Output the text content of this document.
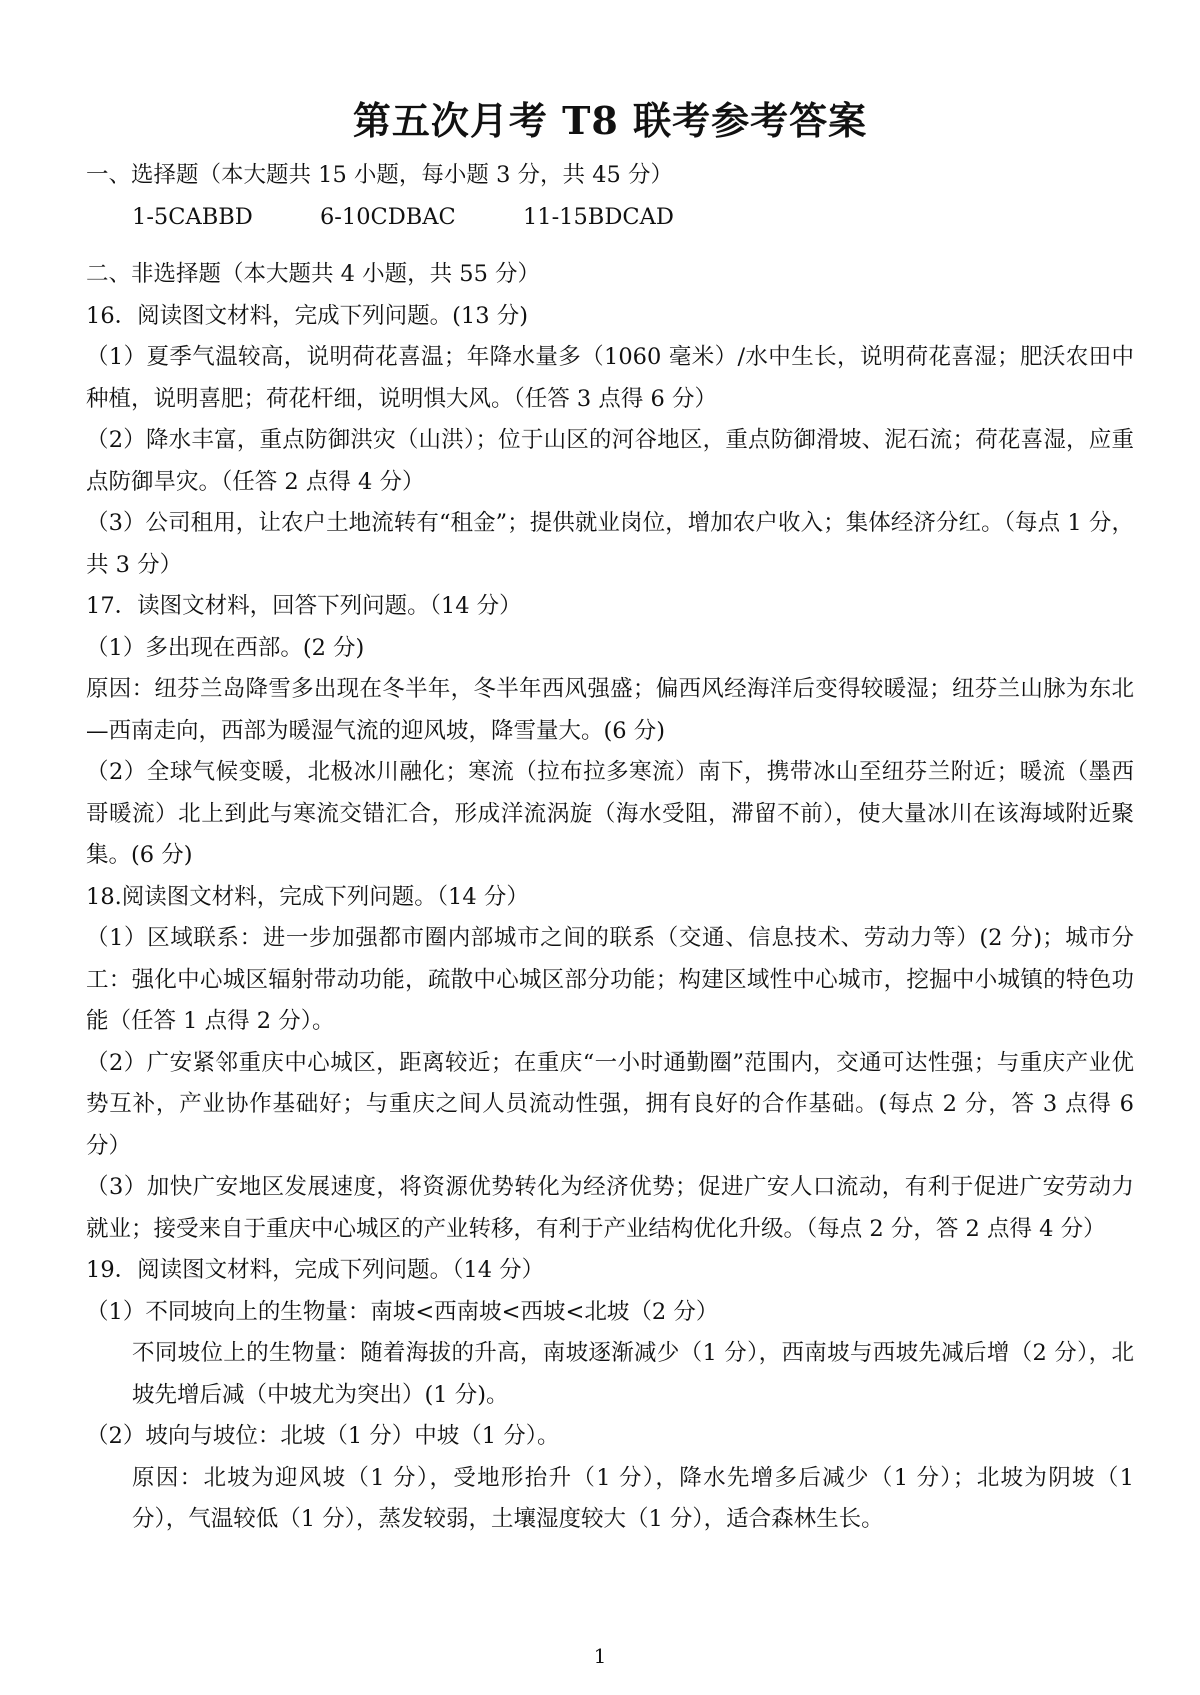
第五次月考 T8 联考参考答案

一、选择题（本大题共 15 小题，每小题 3 分，共 45 分）

1-5CABBD	6-10CDBAC	11-15BDCAD

二、非选择题（本大题共 4 小题，共 55 分）

16．阅读图文材料，完成下列问题。(13 分)

（1）夏季气温较高，说明荷花喜温；年降水量多（1060 毫米）/水中生长，说明荷花喜湿；肥沃农田中种植，说明喜肥；荷花杆细，说明惧大风。（任答 3 点得 6 分）

（2）降水丰富，重点防御洪灾（山洪）；位于山区的河谷地区，重点防御滑坡、泥石流；荷花喜湿，应重点防御旱灾。（任答 2 点得 4 分）

（3）公司租用，让农户土地流转有“租金”；提供就业岗位，增加农户收入；集体经济分红。（每点 1 分，共 3 分）

17．读图文材料，回答下列问题。（14 分）

（1）多出现在西部。(2 分)

原因：纽芬兰岛降雪多出现在冬半年，冬半年西风强盛；偏西风经海洋后变得较暖湿；纽芬兰山脉为东北—西南走向，西部为暖湿气流的迎风坡，降雪量大。(6 分)

（2）全球气候变暖，北极冰川融化；寒流（拉布拉多寒流）南下，携带冰山至纽芬兰附近；暖流（墨西哥暖流）北上到此与寒流交错汇合，形成洋流涡旋（海水受阻，滞留不前），使大量冰川在该海域附近聚集。(6 分)

18.阅读图文材料，完成下列问题。（14 分）

（1）区域联系：进一步加强都市圈内部城市之间的联系（交通、信息技术、劳动力等）(2 分)；城市分工：强化中心城区辐射带动功能，疏散中心城区部分功能；构建区域性中心城市，挖掘中小城镇的特色功能（任答 1 点得 2 分）。

（2）广安紧邻重庆中心城区，距离较近；在重庆“一小时通勤圈”范围内，交通可达性强；与重庆产业优势互补，产业协作基础好；与重庆之间人员流动性强，拥有良好的合作基础。(每点 2 分，答 3 点得 6 分）

（3）加快广安地区发展速度，将资源优势转化为经济优势；促进广安人口流动，有利于促进广安劳动力就业；接受来自于重庆中心城区的产业转移，有利于产业结构优化升级。（每点 2 分，答 2 点得 4 分）

19．阅读图文材料，完成下列问题。（14 分）

（1）不同坡向上的生物量：南坡<西南坡<西坡<北坡（2 分）

不同坡位上的生物量：随着海拔的升高，南坡逐渐减少（1 分），西南坡与西坡先减后增（2 分），北坡先增后减（中坡尤为突出）(1 分)。

（2）坡向与坡位：北坡（1 分）中坡（1 分）。

原因：北坡为迎风坡（1 分），受地形抬升（1 分），降水先增多后减少（1 分）；北坡为阴坡（1 分），气温较低（1 分），蒸发较弱，土壤湿度较大（1 分），适合森林生长。

1
